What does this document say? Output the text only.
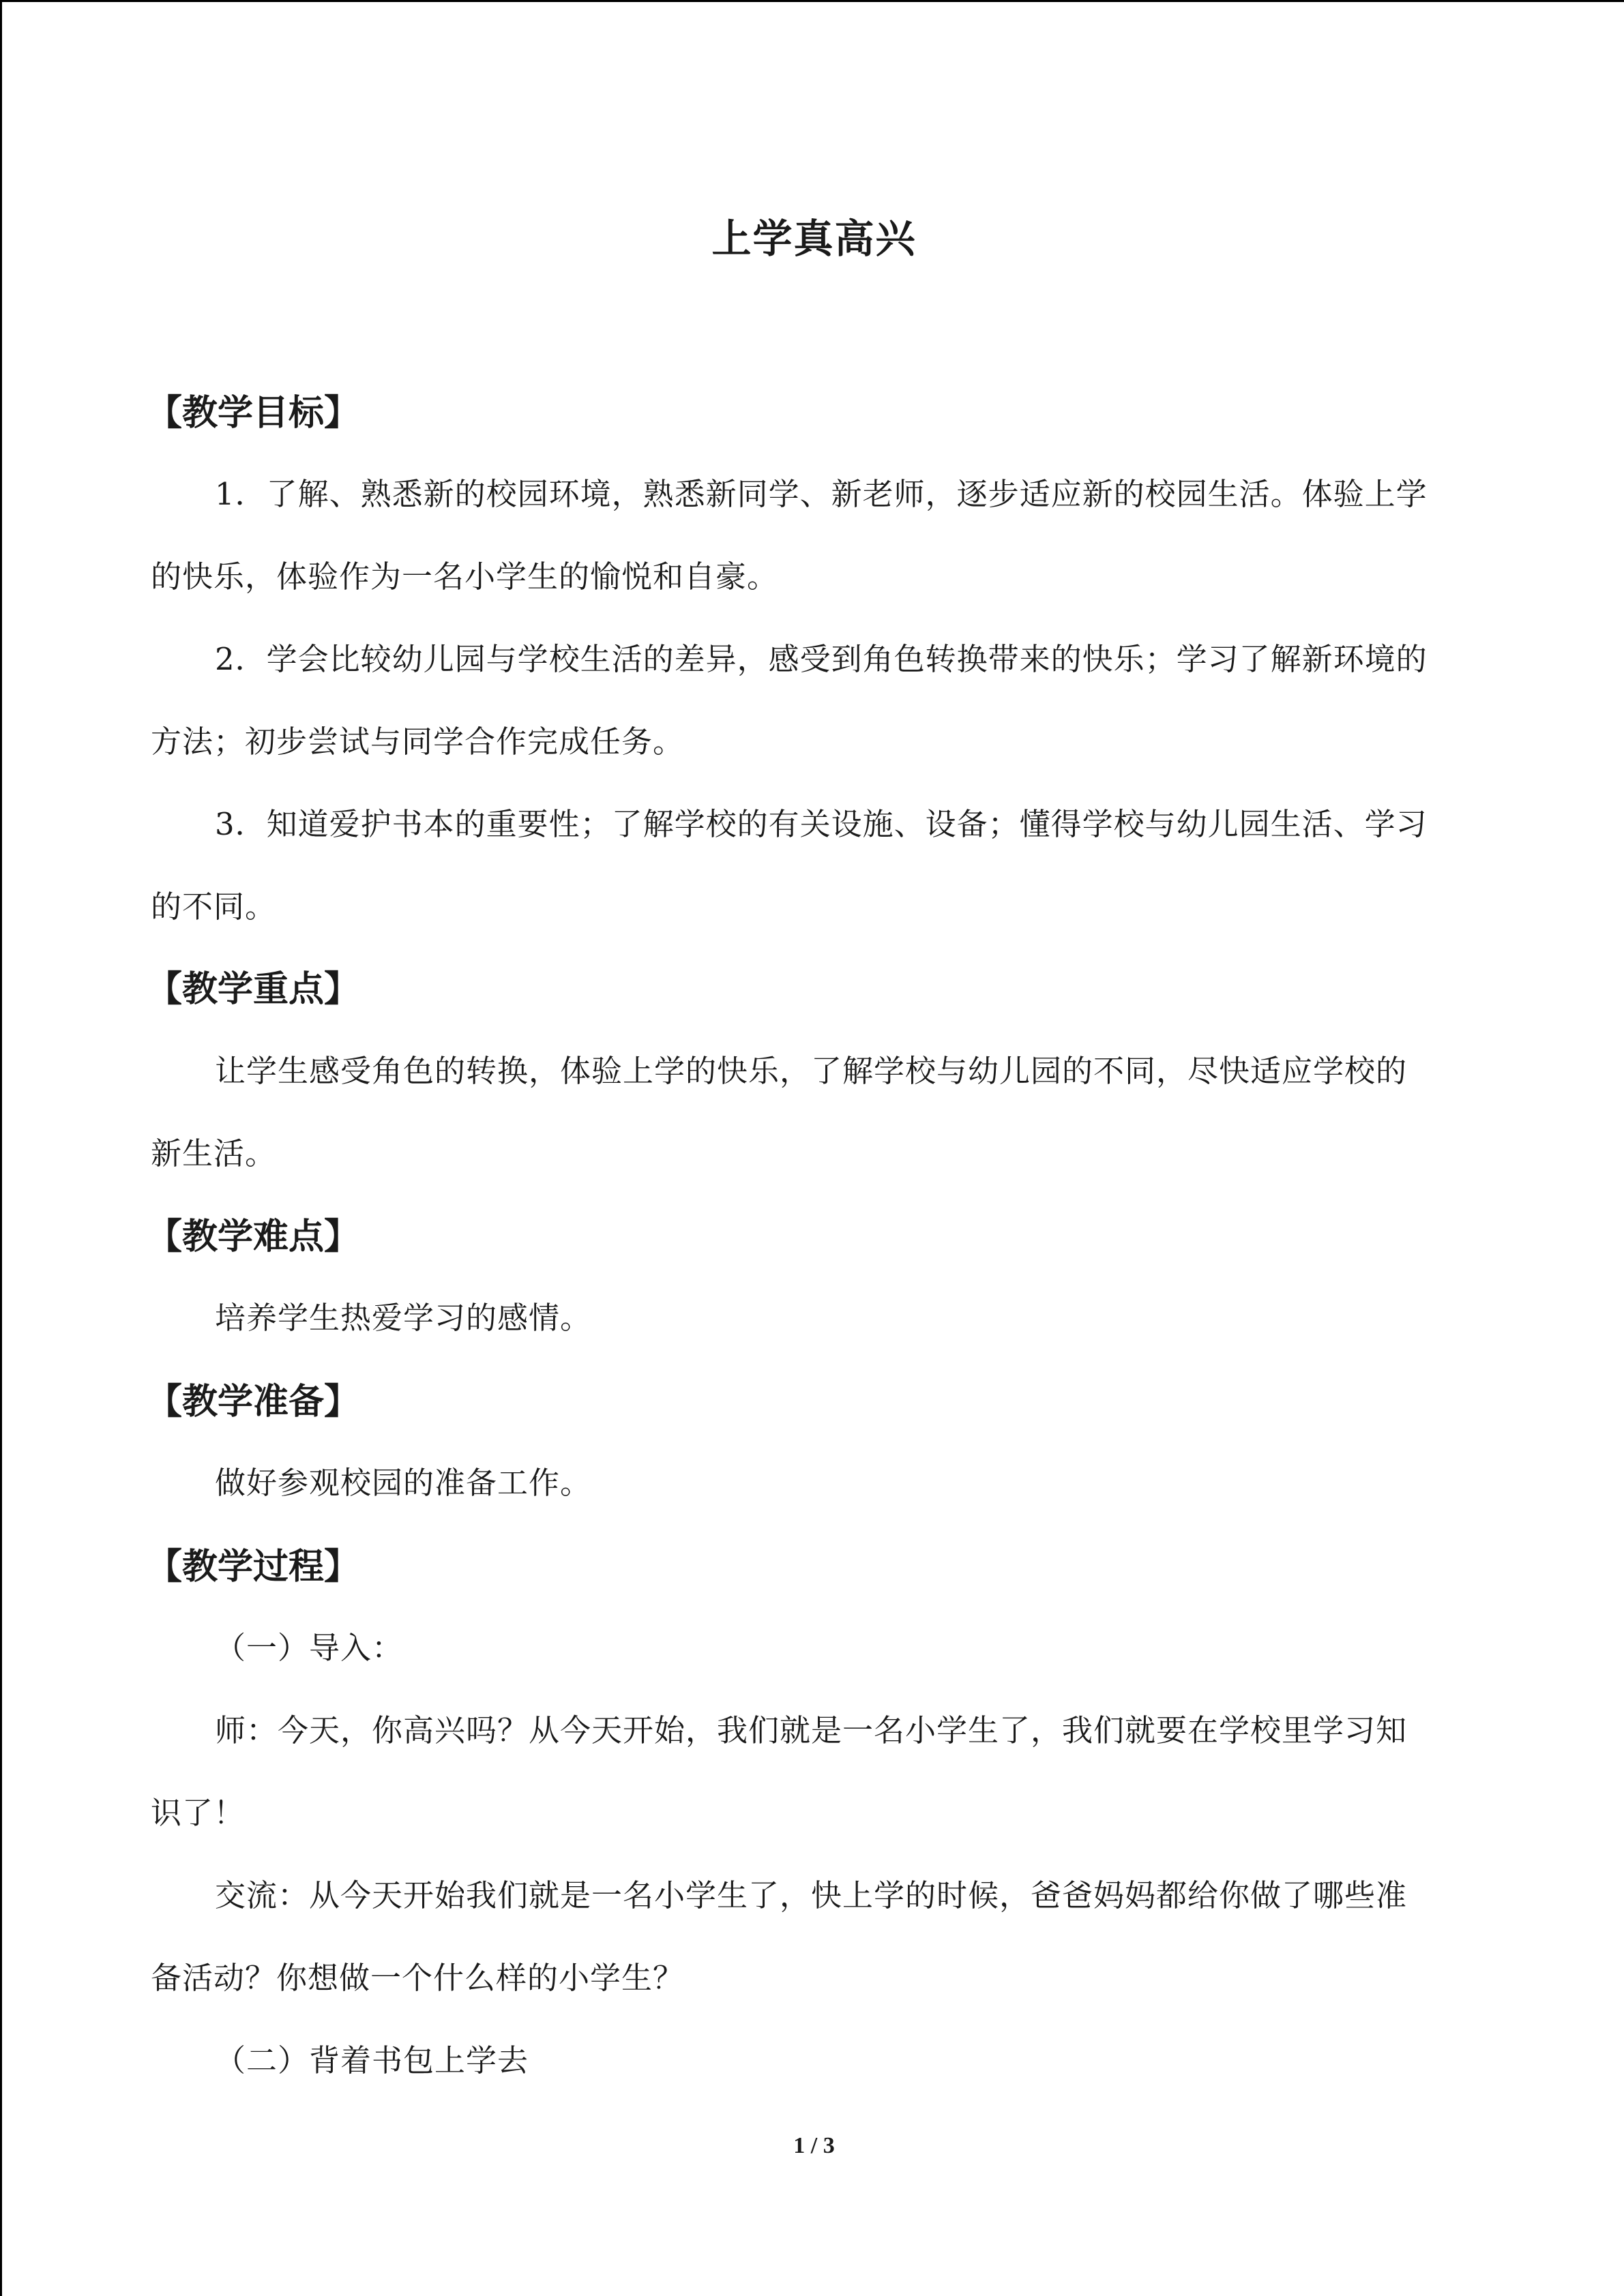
上学真高兴
【教学目标】
1．了解、熟悉新的校园环境，熟悉新同学、新老师，逐步适应新的校园生活。体验上学
的快乐，体验作为一名小学生的愉悦和自豪。
2．学会比较幼儿园与学校生活的差异，感受到角色转换带来的快乐；学习了解新环境的
方法；初步尝试与同学合作完成任务。
3．知道爱护书本的重要性；了解学校的有关设施、设备；懂得学校与幼儿园生活、学习
的不同。
【教学重点】
让学生感受角色的转换，体验上学的快乐，了解学校与幼儿园的不同，尽快适应学校的
新生活。
【教学难点】
培养学生热爱学习的感情。
【教学准备】
做好参观校园的准备工作。
【教学过程】
（一）导入：
师：今天，你高兴吗？从今天开始，我们就是一名小学生了，我们就要在学校里学习知
识了！
交流：从今天开始我们就是一名小学生了，快上学的时候，爸爸妈妈都给你做了哪些准
备活动？你想做一个什么样的小学生？
（二）背着书包上学去
1 / 3
